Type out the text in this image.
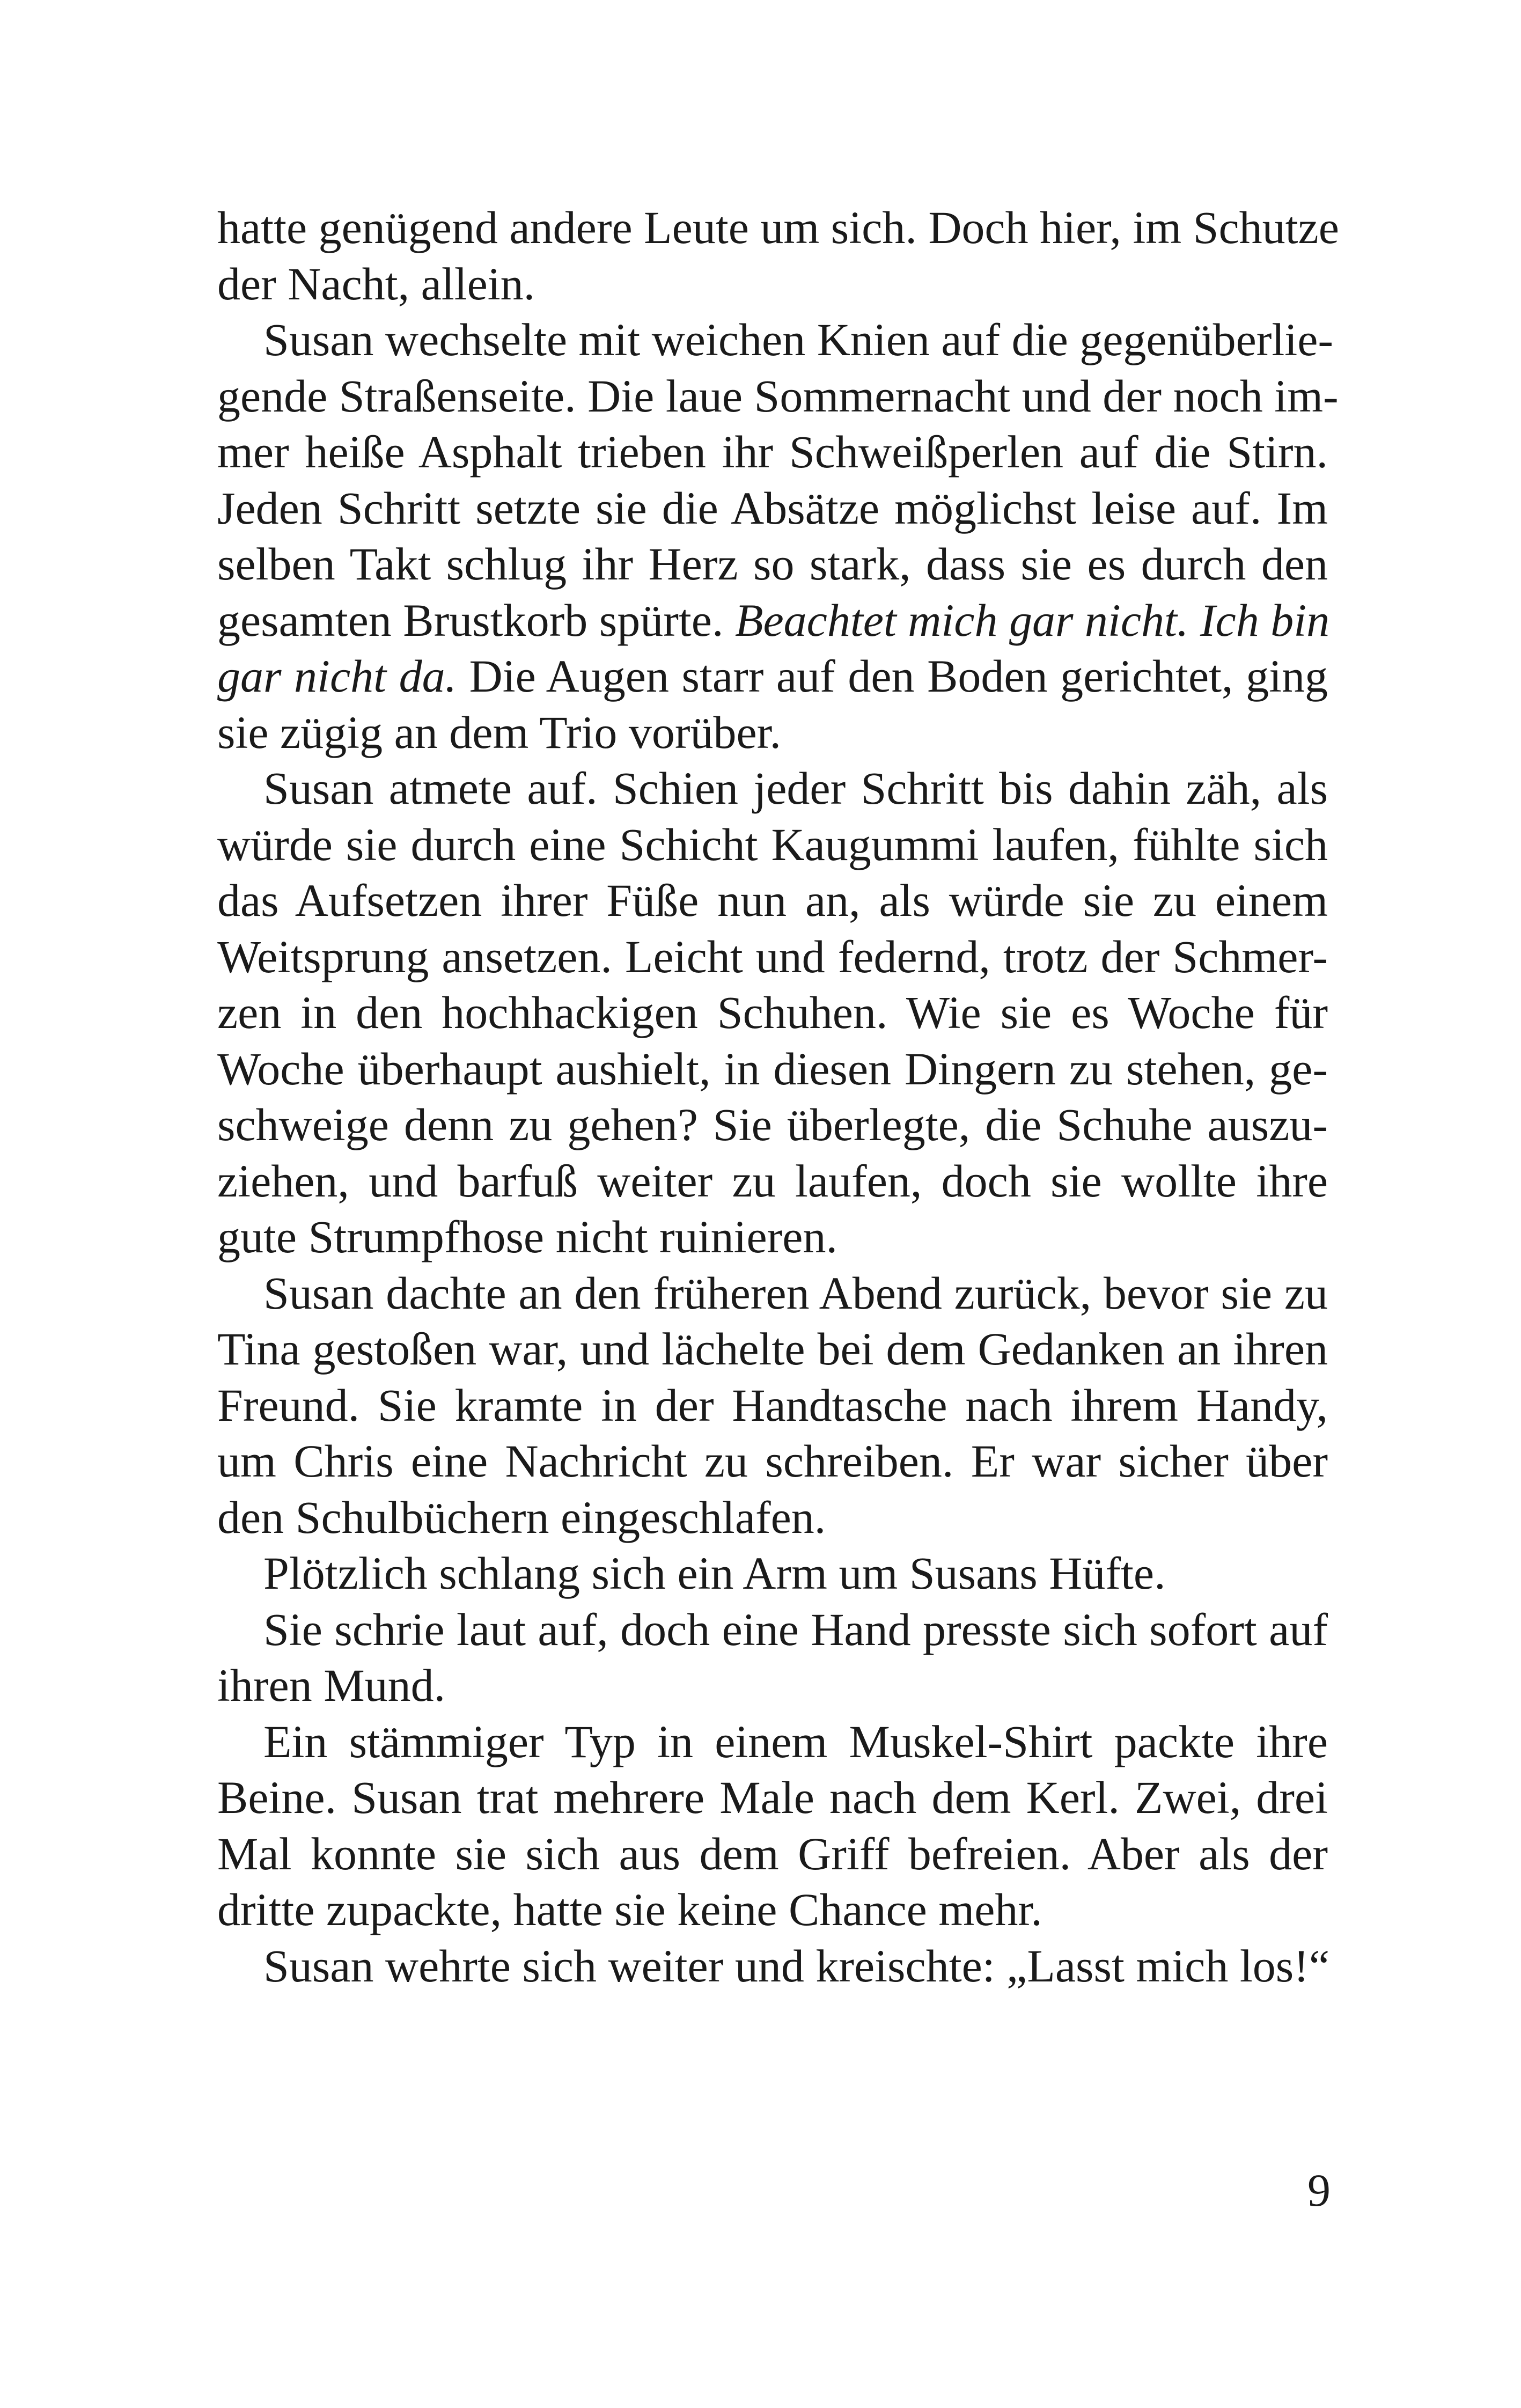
hatte genügend andere Leute um sich. Doch hier, im Schutze
der Nacht, allein.
Susan wechselte mit weichen Knien auf die gegenüberlie-
gende Straßenseite. Die laue Sommernacht und der noch im-
mer heiße Asphalt trieben ihr Schweißperlen auf die Stirn.
Jeden Schritt setzte sie die Absätze möglichst leise auf. Im
selben Takt schlug ihr Herz so stark, dass sie es durch den
gesamten Brustkorb spürte. Beachtet mich gar nicht. Ich bin
gar nicht da. Die Augen starr auf den Boden gerichtet, ging
sie zügig an dem Trio vorüber.
Susan atmete auf. Schien jeder Schritt bis dahin zäh, als
würde sie durch eine Schicht Kaugummi laufen, fühlte sich
das Aufsetzen ihrer Füße nun an, als würde sie zu einem
Weitsprung ansetzen. Leicht und federnd, trotz der Schmer-
zen in den hochhackigen Schuhen. Wie sie es Woche für
Woche überhaupt aushielt, in diesen Dingern zu stehen, ge-
schweige denn zu gehen? Sie überlegte, die Schuhe auszu-
ziehen, und barfuß weiter zu laufen, doch sie wollte ihre
gute Strumpfhose nicht ruinieren.
Susan dachte an den früheren Abend zurück, bevor sie zu
Tina gestoßen war, und lächelte bei dem Gedanken an ihren
Freund. Sie kramte in der Handtasche nach ihrem Handy,
um Chris eine Nachricht zu schreiben. Er war sicher über
den Schulbüchern eingeschlafen.
Plötzlich schlang sich ein Arm um Susans Hüfte.
Sie schrie laut auf, doch eine Hand presste sich sofort auf
ihren Mund.
Ein stämmiger Typ in einem Muskel-Shirt packte ihre
Beine. Susan trat mehrere Male nach dem Kerl. Zwei, drei
Mal konnte sie sich aus dem Griff befreien. Aber als der
dritte zupackte, hatte sie keine Chance mehr.
Susan wehrte sich weiter und kreischte: „Lasst mich los!“
9
